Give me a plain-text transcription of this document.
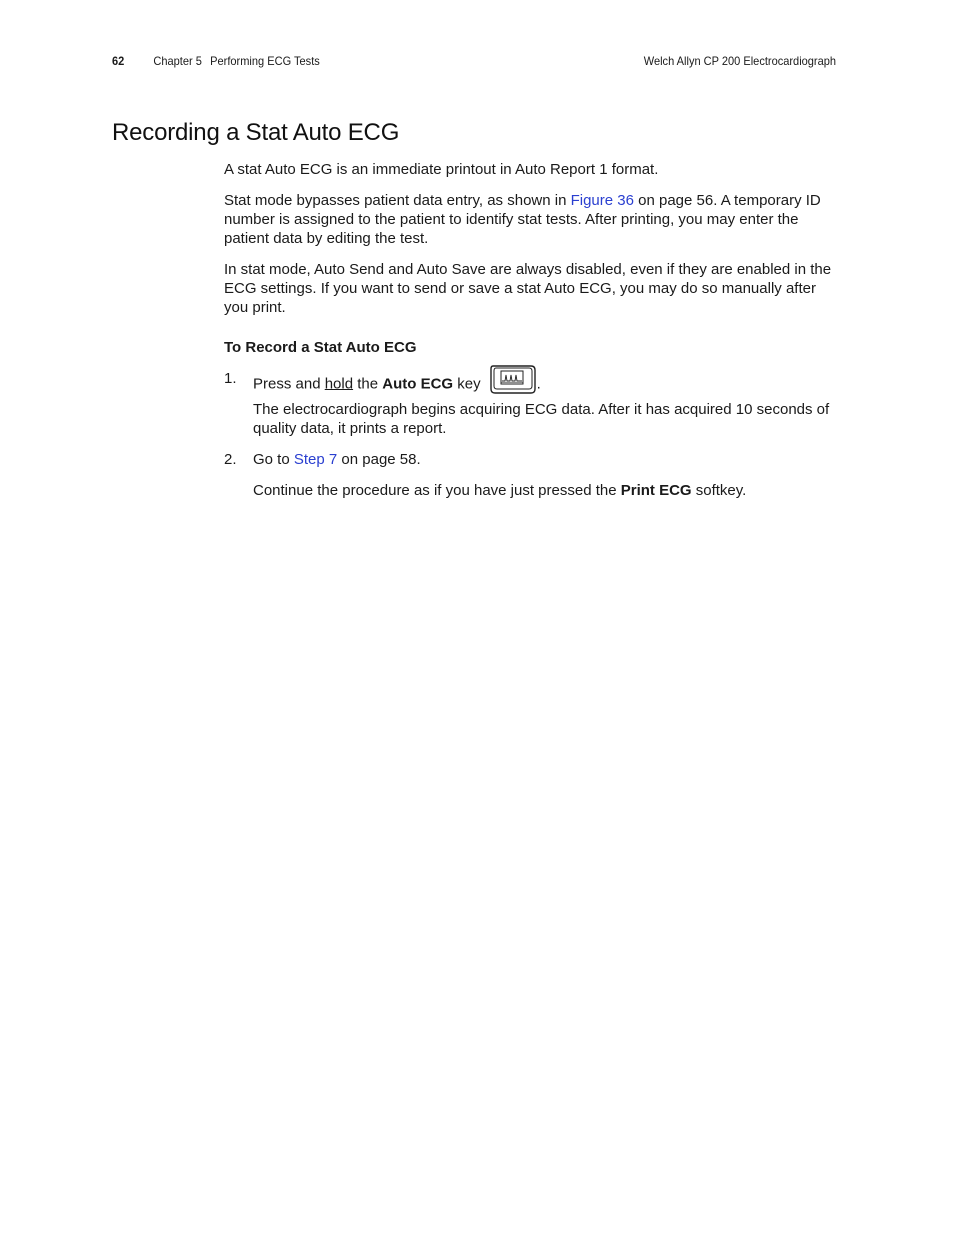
62 Chapter 5 Performing ECG Tests	Welch Allyn CP 200 Electrocardiograph
Recording a Stat Auto ECG

A stat Auto ECG is an immediate printout in Auto Report 1 format.

Stat mode bypasses patient data entry, as shown in Figure 36 on page 56. A temporary ID number is assigned to the patient to identify stat tests. After printing, you may enter the patient data by editing the test.

In stat mode, Auto Send and Auto Save are always disabled, even if they are enabled in the ECG settings. If you want to send or save a stat Auto ECG, you may do so manually after you print.

To Record a Stat Auto ECG
1. Press and hold the Auto ECG key	.

The electrocardiograph begins acquiring ECG data. After it has acquired 10 seconds of quality data, it prints a report.

2. Go to Step 7 on page 58.

Continue the procedure as if you have just pressed the Print ECG softkey.
